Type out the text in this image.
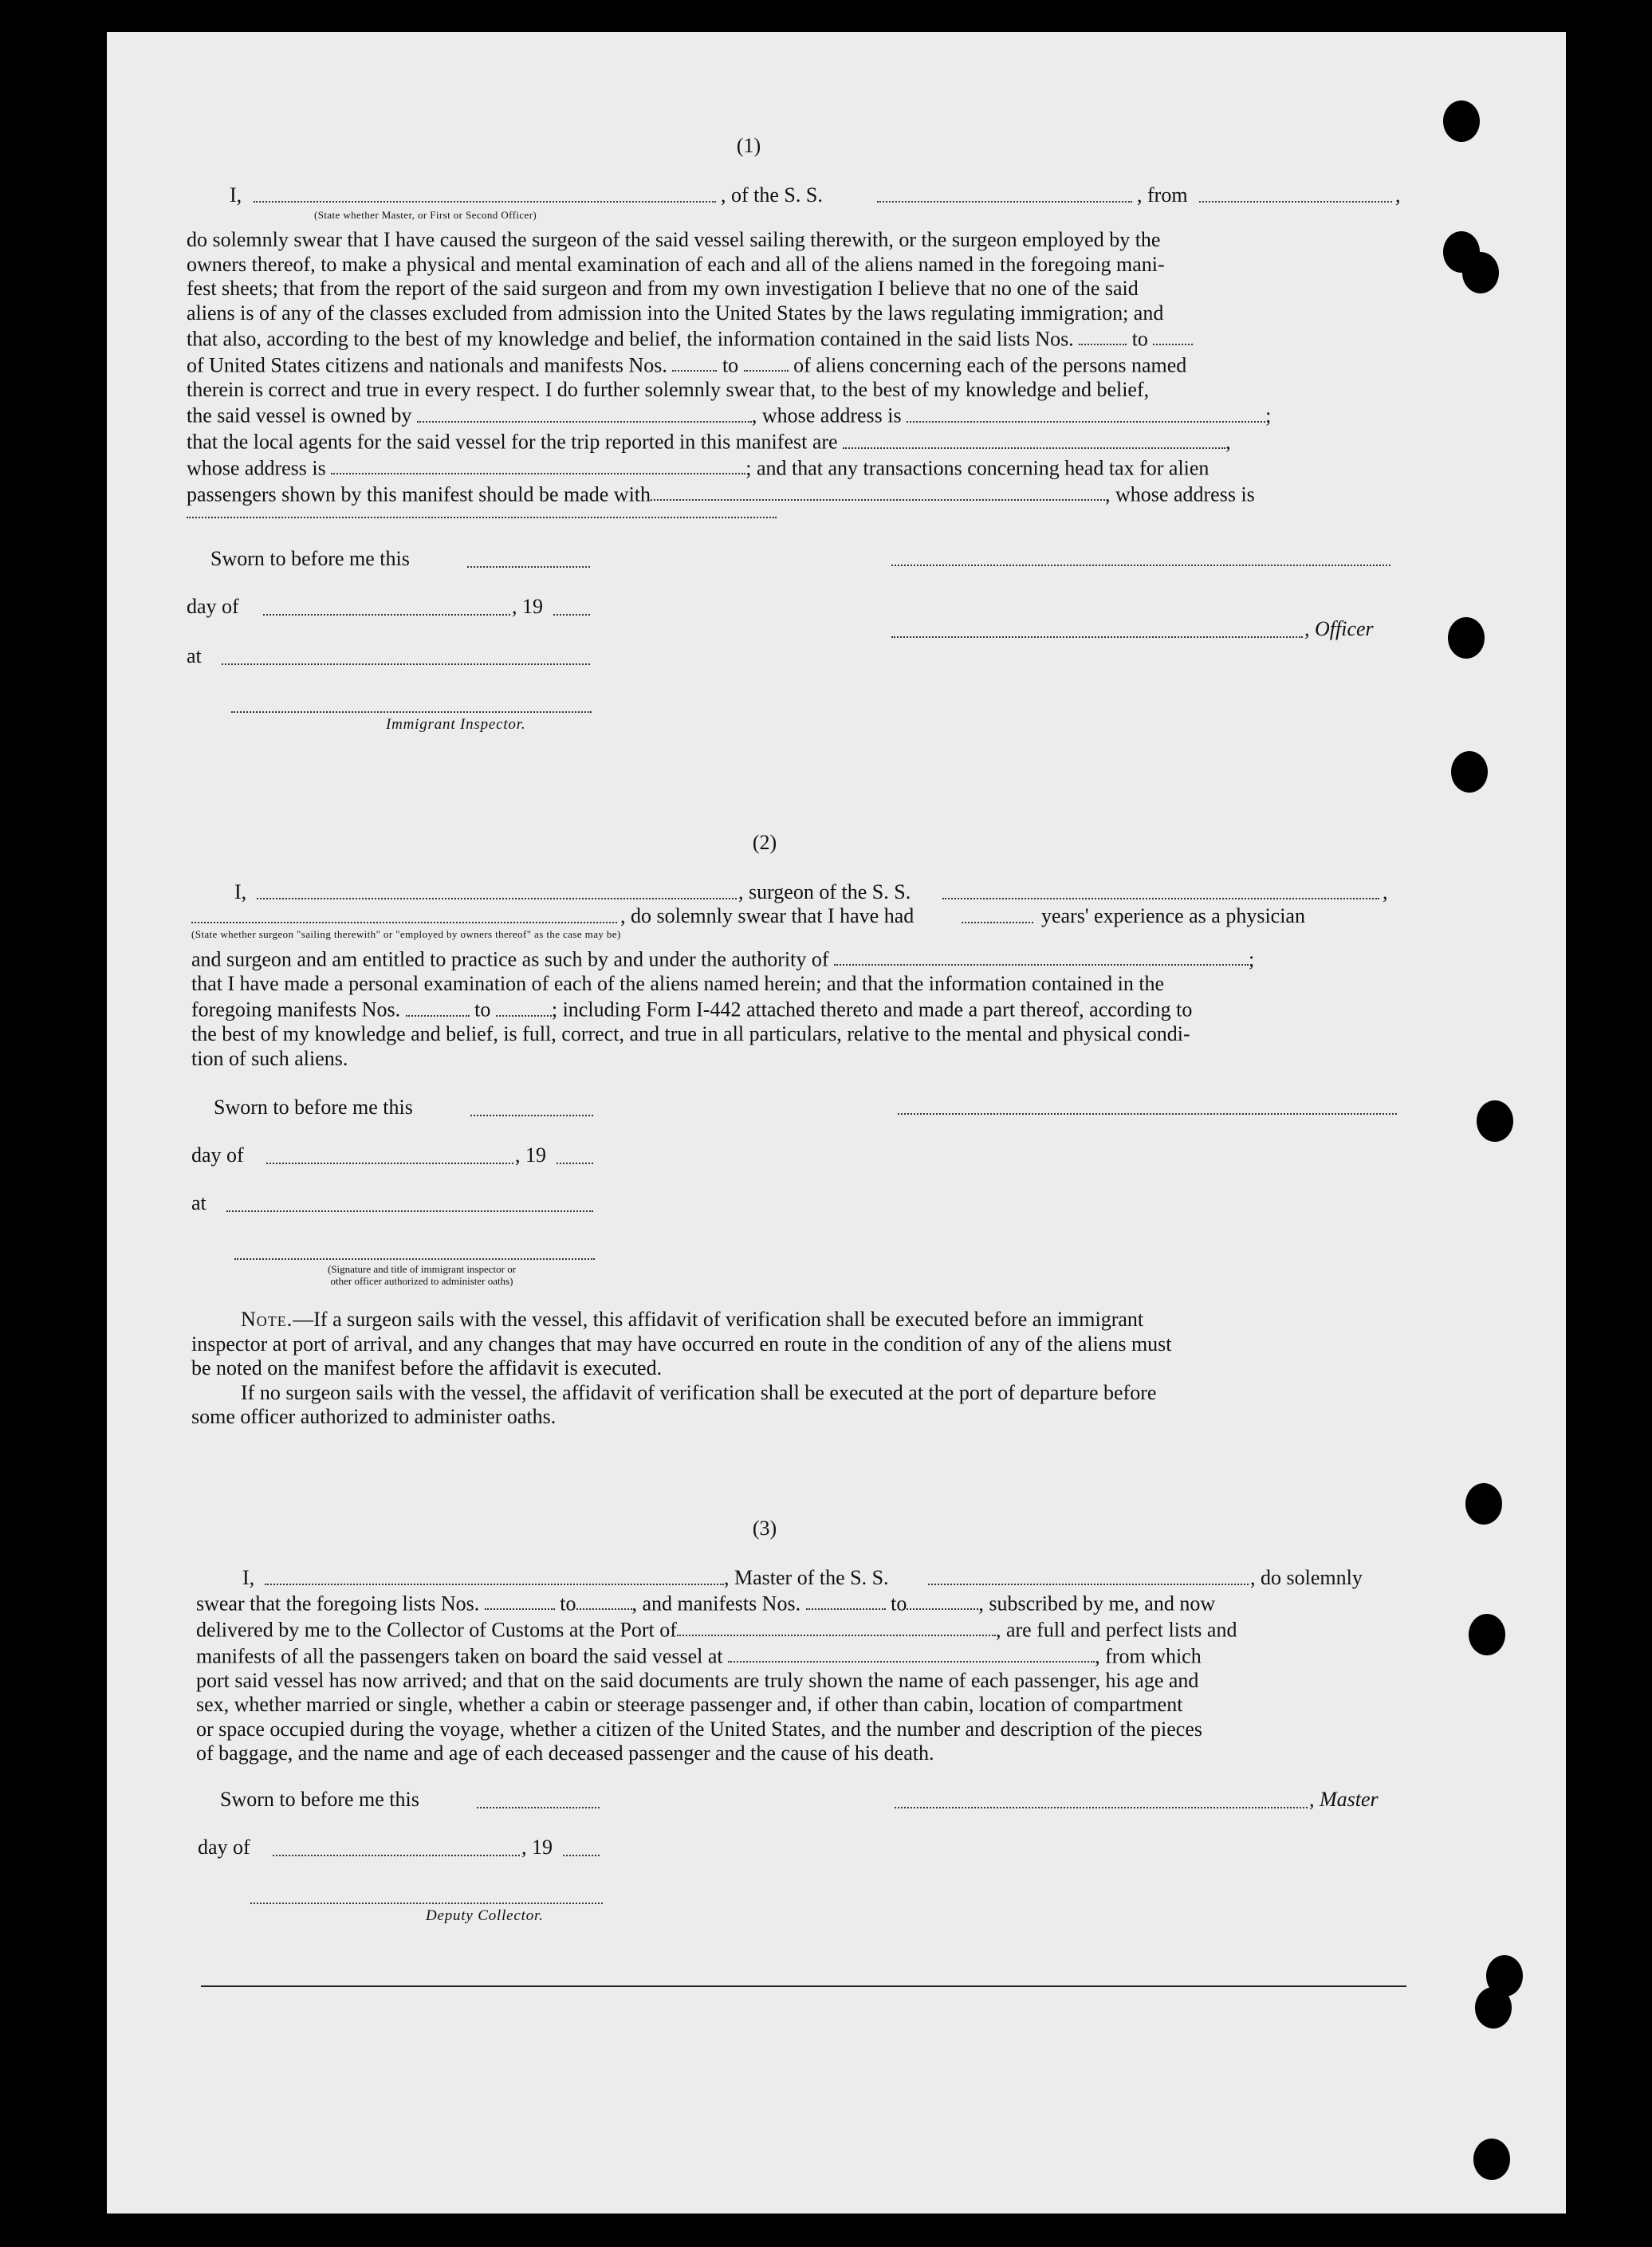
(1)
I,	, of the S. S.	, from	,
(State whether Master, or First or Second Officer)
do solemnly swear that I have caused the surgeon of the said vessel sailing therewith, or the surgeon employed by the
owners thereof, to make a physical and mental examination of each and all of the aliens named in the foregoing mani-
fest sheets; that from the report of the said surgeon and from my own investigation I believe that no one of the said
aliens is of any of the classes excluded from admission into the United States by the laws regulating immigration; and
that also, according to the best of my knowledge and belief, the information contained in the said lists Nos.	to
of United States citizens and nationals and manifests Nos.	to	of aliens concerning each of the persons named
therein is correct and true in every respect. I do further solemnly swear that, to the best of my knowledge and belief,
the said vessel is owned by	, whose address is	;
that the local agents for the said vessel for the trip reported in this manifest are	,
whose address is	; and that any transactions concerning head tax for alien
passengers shown by this manifest should be made with	, whose address is
Sworn to before me this
day of	, 19
, Officer
at
Immigrant Inspector.
(2)
I,	, surgeon of the S. S.	,
, do solemnly swear that I have had	years' experience as a physician
(State whether surgeon "sailing therewith" or "employed by owners thereof" as the case may be)
and surgeon and am entitled to practice as such by and under the authority of	;
that I have made a personal examination of each of the aliens named herein; and that the information contained in the
foregoing manifests Nos.	to	; including Form I-442 attached thereto and made a part thereof, according to
the best of my knowledge and belief, is full, correct, and true in all particulars, relative to the mental and physical condi-
tion of such aliens.
Sworn to before me this
day of	, 19
at
(Signature and title of immigrant inspector or
other officer authorized to administer oaths)
Note.—If a surgeon sails with the vessel, this affidavit of verification shall be executed before an immigrant
inspector at port of arrival, and any changes that may have occurred en route in the condition of any of the aliens must
be noted on the manifest before the affidavit is executed.
If no surgeon sails with the vessel, the affidavit of verification shall be executed at the port of departure before
some officer authorized to administer oaths.
(3)
I,	, Master of the S. S.	, do solemnly
swear that the foregoing lists Nos.	to	, and manifests Nos.	to	, subscribed by me, and now
delivered by me to the Collector of Customs at the Port of	, are full and perfect lists and
manifests of all the passengers taken on board the said vessel at	, from which
port said vessel has now arrived; and that on the said documents are truly shown the name of each passenger, his age and
sex, whether married or single, whether a cabin or steerage passenger and, if other than cabin, location of compartment
or space occupied during the voyage, whether a citizen of the United States, and the number and description of the pieces
of baggage, and the name and age of each deceased passenger and the cause of his death.
Sworn to before me this	, Master
day of	, 19
Deputy Collector.
